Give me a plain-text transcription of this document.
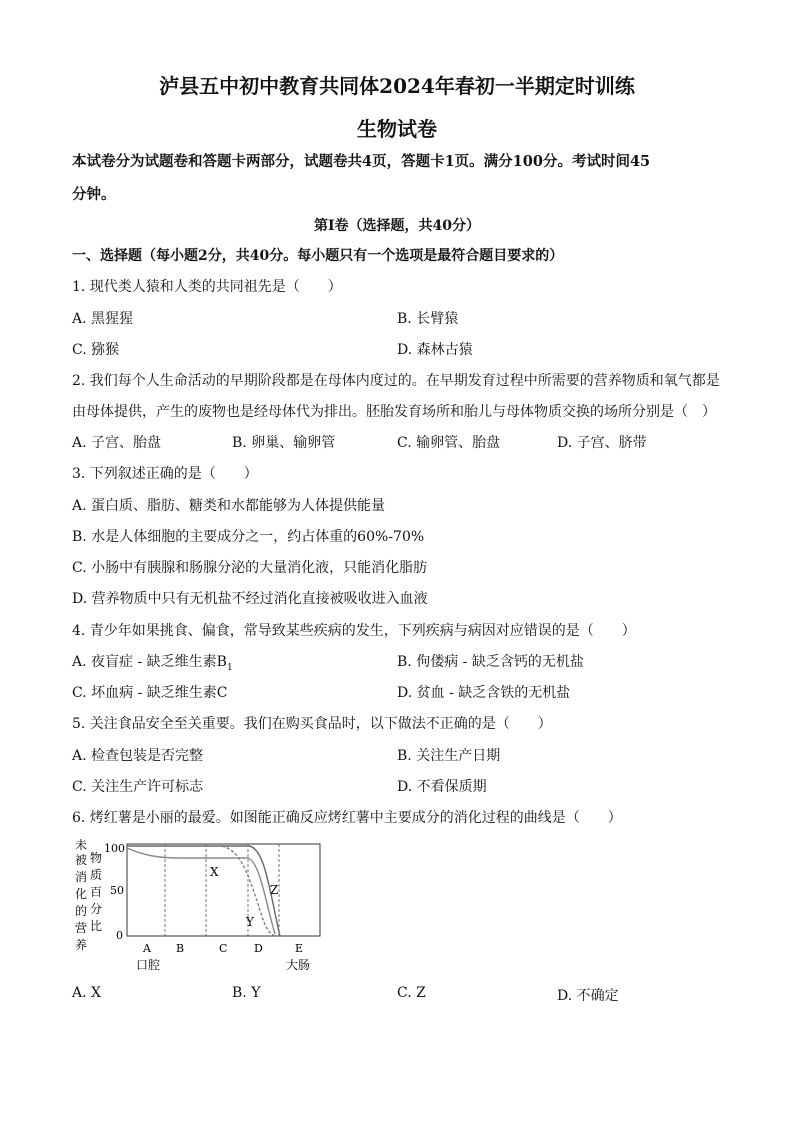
泸县五中初中教育共同体2024年春初一半期定时训练
生物试卷
本试卷分为试题卷和答题卡两部分，试题卷共4页，答题卡1页。满分100分。考试时间45
分钟。
第I卷（选择题，共40分）
一、选择题（每小题2分，共40分。每小题只有一个选项是最符合题目要求的）
1. 现代类人猿和人类的共同祖先是（　　）
A. 黑猩猩	B. 长臂猿
C. 猕猴	D. 森林古猿
2. 我们每个人生命活动的早期阶段都是在母体内度过的。在早期发育过程中所需要的营养物质和氧气都是
由母体提供，产生的废物也是经母体代为排出。胚胎发育场所和胎儿与母体物质交换的场所分别是（　）
A. 子宫、胎盘	B. 卵巢、输卵管	C. 输卵管、胎盘	D. 子宫、脐带
3. 下列叙述正确的是（　　）
A. 蛋白质、脂肪、糖类和水都能够为人体提供能量
B. 水是人体细胞的主要成分之一，约占体重的60%-70%
C. 小肠中有胰腺和肠腺分泌的大量消化液，只能消化脂肪
D. 营养物质中只有无机盐不经过消化直接被吸收进入血液
4. 青少年如果挑食、偏食，常导致某些疾病的发生，下列疾病与病因对应错误的是（　　）
A. 夜盲症 - 缺乏维生素$B_1$	B. 佝偻病 - 缺乏含钙的无机盐
C. 坏血病 - 缺乏维生素C	D. 贫血 - 缺乏含铁的无机盐
5. 关注食品安全至关重要。我们在购买食品时，以下做法不正确的是（　　）
A. 检查包装是否完整	B. 关注生产日期
C. 关注生产许可标志	D. 不看保质期
6. 烤红薯是小丽的最爱。如图能正确反应烤红薯中主要成分的消化过程的曲线是（　　）
未
被
消
化
的
营
养
物
质
百
分
比
100
50
0
X
Y
Z
A B	C D	E
口腔	大肠
A. X	B. Y	C. Z	D. 不确定
